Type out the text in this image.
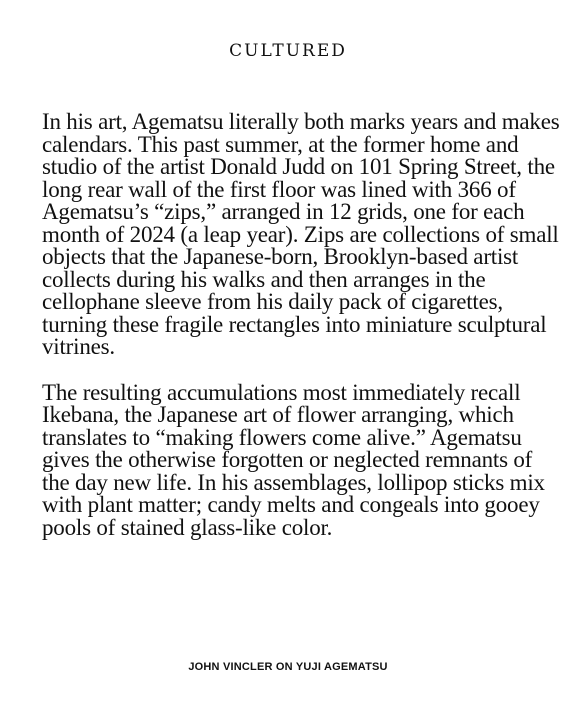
CULTURED

In his art, Agematsu literally both marks years and makes calendars. This past summer, at the former home and studio of the artist Donald Judd on 101 Spring Street, the long rear wall of the first floor was lined with 366 of Agematsu’s “zips,” arranged in 12 grids, one for each month of 2024 (a leap year). Zips are collections of small objects that the Japanese-born, Brooklyn-based artist collects during his walks and then arranges in the cellophane sleeve from his daily pack of cigarettes, turning these fragile rectangles into miniature sculptural vitrines.

The resulting accumulations most immediately recall Ikebana, the Japanese art of flower arranging, which translates to “making flowers come alive.” Agematsu gives the otherwise forgotten or neglected remnants of the day new life. In his assemblages, lollipop sticks mix with plant matter; candy melts and congeals into gooey pools of stained glass-like color.

JOHN VINCLER ON YUJI AGEMATSU
